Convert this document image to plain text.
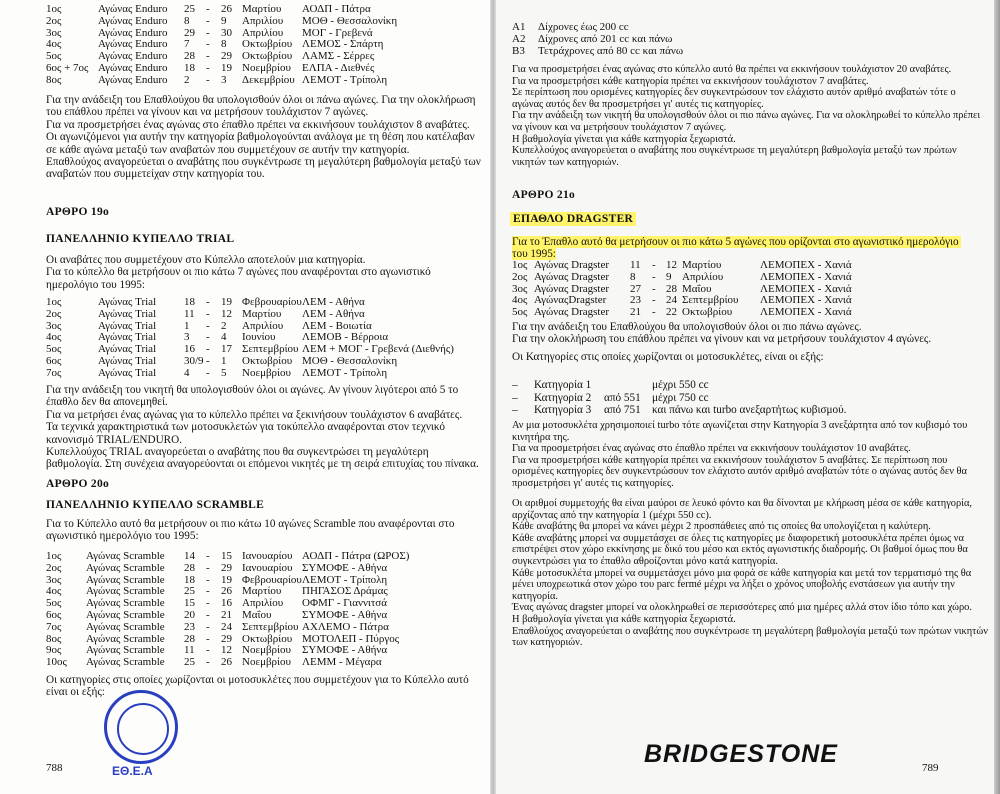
1ος	Αγώνας Enduro 25 - 26 Μαρτίου ΑΟΔΠ - Πάτρα
2ος	Αγώνας Enduro 8 - 9 Απριλίου ΜΟΘ - Θεσσαλονίκη
3ος	Αγώνας Enduro 29 - 30 Απριλίου ΜΟΓ - Γρεβενά
4ος	Αγώνας Enduro 7 - 8 Οκτωβρίου ΛΕΜΟΣ - Σπάρτη
5ος	Αγώνας Enduro 28 - 29 Οκτωβρίου ΛΑΜΣ - Σέρρες
6ος + 7ος Αγώνας Enduro 18 - 19 Νοεμβρίου ΕΛΠΑ - Διεθνές
8ος	Αγώνας Enduro 2 - 3 Δεκεμβρίου ΛΕΜΟΤ - Τρίπολη
Για την ανάδειξη του Επαθλούχου θα υπολογισθούν όλοι οι πάνω αγώνες. Για την ολοκλήρωση του επάθλου πρέπει να γίνουν και να μετρήσουν τουλάχιστον 7 αγώνες.
Για να προσμετρήσει ένας αγώνας στο έπαθλο πρέπει να εκκινήσουν τουλάχιστον 8 αναβάτες.
Οι αγωνιζόμενοι για αυτήν την κατηγορία βαθμολογούνται ανάλογα με τη θέση που κατέλαβαν σε κάθε αγώνα μεταξύ των αναβατών που συμμετέχουν σε αυτήν την κατηγορία.
Επαθλούχος αναγορεύεται ο αναβάτης που συγκέντρωσε τη μεγαλύτερη βαθμολογία μεταξύ των αναβατών που συμμετείχαν στην κατηγορία του.
ΑΡΘΡΟ 19ο
ΠΑΝΕΛΛΗΝΙΟ ΚΥΠΕΛΛΟ TRIAL
Οι αναβάτες που συμμετέχουν στο Κύπελλο αποτελούν μια κατηγορία.
Για το κύπελλο θα μετρήσουν οι πιο κάτω 7 αγώνες που αναφέρονται στο αγωνιστικό ημερολόγιο του 1995:
1ος	Αγώνας Trial	18 - 19 Φεβρουαρίου ΛΕΜ - Αθήνα
2ος	Αγώνας Trial	11 - 12 Μαρτίου ΛΕΜ - Αθήνα
3ος	Αγώνας Trial	1 - 2 Απριλίου ΛΕΜ - Βοιωτία
4ος	Αγώνας Trial	3 - 4 Ιουνίου ΛΕΜΟΒ - Βέρροια
5ος	Αγώνας Trial	16 - 17 Σεπτεμβρίου ΛΕΜ + ΜΟΓ - Γρεβενά (Διεθνής)
6ος	Αγώνας Trial	30/9 - 1 Οκτωβρίου ΜΟΘ - Θεσσαλονίκη
7ος	Αγώνας Trial	4 - 5 Νοεμβρίου ΛΕΜΟΤ - Τρίπολη
Για την ανάδειξη του νικητή θα υπολογισθούν όλοι οι αγώνες. Αν γίνουν λιγότεροι από 5 το έπαθλο δεν θα απονεμηθεί.
Για να μετρήσει ένας αγώνας για το κύπελλο πρέπει να ξεκινήσουν τουλάχιστον 6 αναβάτες.
Τα τεχνικά χαρακτηριστικά των μοτοσυκλετών για τοκύπελλο αναφέρονται στον τεχνικό κανονισμό TRIAL/ENDURO.
Κυπελλούχος TRIAL αναγορεύεται ο αναβάτης που θα συγκεντρώσει τη μεγαλύτερη βαθμολογία. Στη συνέχεια αναγορεύονται οι επόμενοι νικητές με τη σειρά επιτυχίας του πίνακα.
ΑΡΘΡΟ 20ο
ΠΑΝΕΛΛΗΝΙΟ ΚΥΠΕΛΛΟ SCRAMBLE
Για το Κύπελλο αυτό θα μετρήσουν οι πιο κάτω 10 αγώνες Scramble που αναφέρονται στο αγωνιστικό ημερολόγιο του 1995:
1ος Αγώνας Scramble 14 - 15 Ιανουαρίου ΑΟΔΠ - Πάτρα (ΩΡΟΣ)
2ος Αγώνας Scramble 28 - 29 Ιανουαρίου ΣΥΜΟΦΕ - Αθήνα
3ος Αγώνας Scramble 18 - 19 Φεβρουαρίου ΛΕΜΟΤ - Τρίπολη
4ος Αγώνας Scramble 25 - 26 Μαρτίου ΠΗΓΑΣΟΣ Δράμας
5ος Αγώνας Scramble 15 - 16 Απριλίου ΟΦΜΓ - Γιαννιτσά
6ος Αγώνας Scramble 20 - 21 Μαΐου	ΣΥΜΟΦΕ - Αθήνα
7ος Αγώνας Scramble 23 - 24 Σεπτεμβρίου ΑΧΛΕΜΟ - Πάτρα
8ος Αγώνας Scramble 28 - 29 Οκτωβρίου ΜΟΤΟΛΕΠ - Πύργος
9ος Αγώνας Scramble 11 - 12 Νοεμβρίου ΣΥΜΟΦΕ - Αθήνα
10ος Αγώνας Scramble 25 - 26 Νοεμβρίου ΛΕΜΜ - Μέγαρα
Οι κατηγορίες στις οποίες χωρίζονται οι μοτοσυκλέτες που συμμετέχουν για το Κύπελλο αυτό είναι οι εξής:
ΕΘ.Ε.Α
788
A1 Δίχρονες έως 200 cc
A2 Δίχρονες από 201 cc και πάνω
B3 Τετράχρονες από 80 cc και πάνω
Για να προσμετρήσει ένας αγώνας στο κύπελλο αυτό θα πρέπει να εκκινήσουν τουλάχιστον 20 αναβάτες.
Για να προσμετρήσει κάθε κατηγορία πρέπει να εκκινήσουν τουλάχιστον 7 αναβάτες.
Σε περίπτωση που ορισμένες κατηγορίες δεν συγκεντρώσουν τον ελάχιστο αυτόν αριθμό αναβατών τότε ο αγώνας αυτός δεν θα προσμετρήσει γι' αυτές τις κατηγορίες.
Για την ανάδειξη των νικητή θα υπολογισθούν όλοι οι πιο πάνω αγώνες. Για να ολοκληρωθεί το κύπελλο πρέπει να γίνουν και να μετρήσουν τουλάχιστον 7 αγώνες.
Η βαθμολογία γίνεται για κάθε κατηγορία ξεχωριστά.
Κυπελλούχος αναγορεύεται ο αναβάτης που συγκέντρωσε τη μεγαλύτερη βαθμολογία μεταξύ των πρώτων νικητών των κατηγοριών.
ΑΡΘΡΟ 21ο
ΕΠΑΘΛΟ DRAGSTER
Για το Έπαθλο αυτό θα μετρήσουν οι πιο κάτω 5 αγώνες που ορίζονται στο αγωνιστικό ημερολόγιο του 1995:
1ος Αγώνας Dragster 11 - 12 Μαρτίου	ΛΕΜΟΠΕΧ - Χανιά
2ος Αγώνας Dragster 8 - 9 Απριλίου	ΛΕΜΟΠΕΧ - Χανιά
3ος Αγώνας Dragster 27 - 28 Μαΐου	ΛΕΜΟΠΕΧ - Χανιά
4ος ΑγώναςDragster 23 - 24 Σεπτεμβρίου ΛΕΜΟΠΕΧ - Χανιά
5ος Αγώνας Dragster 21 - 22 Οκτωβρίου	ΛΕΜΟΠΕΧ - Χανιά
Για την ανάδειξη του Επαθλούχου θα υπολογισθούν όλοι οι πιο πάνω αγώνες.
Για την ολοκλήρωση του επάθλου πρέπει να γίνουν και να μετρήσουν τουλάχιστον 4 αγώνες.
Οι Κατηγορίες στις οποίες χωρίζονται οι μοτοσυκλέτες, είναι οι εξής:
– Κατηγορία 1	μέχρι 550 cc
– Κατηγορία 2 από 551 μέχρι 750 cc
– Κατηγορία 3 από 751 και πάνω και turbo ανεξαρτήτως κυβισμού.
Αν μια μοτοσυκλέτα χρησιμοποιεί turbo τότε αγωνίζεται στην Κατηγορία 3 ανεξάρτητα από τον κυβισμό του κινητήρα της.
Για να προσμετρήσει ένας αγώνας στο έπαθλο πρέπει να εκκινήσουν τουλάχιστον 10 αναβάτες.
Για να προσμετρήσει κάθε κατηγορία πρέπει να εκκινήσουν τουλάχιστον 5 αναβάτες. Σε περίπτωση που ορισμένες κατηγορίες δεν συγκεντρώσουν τον ελάχιστο αυτόν αριθμό αναβατών τότε ο αγώνας αυτός δεν θα προσμετρήσει γι' αυτές τις κατηγορίες.
Οι αριθμοί συμμετοχής θα είναι μαύροι σε λευκό φόντο και θα δίνονται με κλήρωση μέσα σε κάθε κατηγορία, αρχίζοντας από την κατηγορία 1 (μέχρι 550 cc).
Κάθε αναβάτης θα μπορεί να κάνει μέχρι 2 προσπάθειες από τις οποίες θα υπολογίζεται η καλύτερη.
Κάθε αναβάτης μπορεί να συμμετάσχει σε όλες τις κατηγορίες με διαφορετική μοτοσυκλέτα πρέπει όμως να επιστρέψει στον χώρο εκκίνησης με δικό του μέσο και εκτός αγωνιστικής διαδρομής. Οι βαθμοί όμως που θα συγκεντρώσει για το έπαθλο αθροίζονται μόνο κατά κατηγορία.
Κάθε μοτοσυκλέτα μπορεί να συμμετάσχει μόνο μια φορά σε κάθε κατηγορία και μετά τον τερματισμό της θα μένει υποχρεωτικά στον χώρο του parc fermé μέχρι να λήξει ο χρόνος υποβολής ενστάσεων για αυτήν την κατηγορία.
Ένας αγώνας dragster μπορεί να ολοκληρωθεί σε περισσότερες από μια ημέρες αλλά στον ίδιο τόπο και χώρο.
Η βαθμολογία γίνεται για κάθε κατηγορία ξεχωριστά.
Επαθλούχος αναγορεύεται ο αναβάτης που συγκέντρωσε τη μεγαλύτερη βαθμολογία μεταξύ των πρώτων νικητών των κατηγοριών.
BRIDGESTONE	789
